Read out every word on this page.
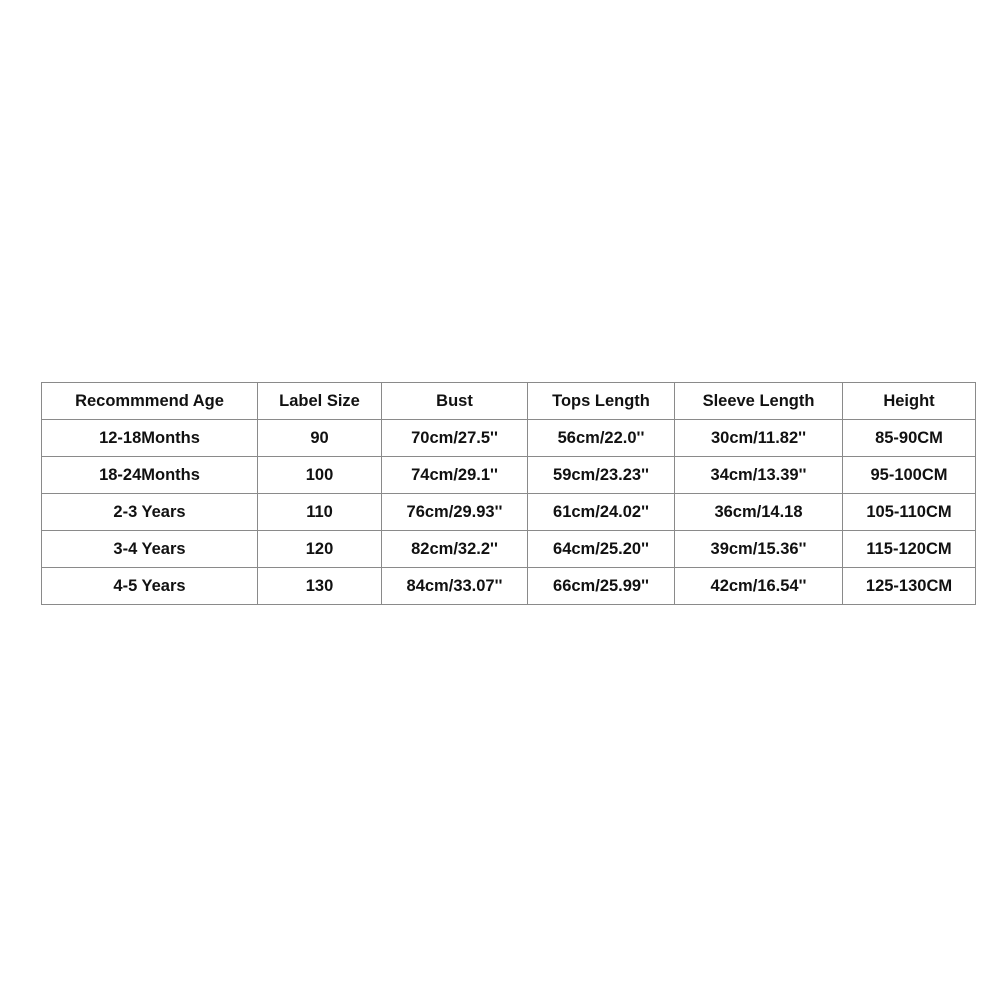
Recommmend Age	Label Size	Bust	Tops Length	Sleeve Length	Height
12-18Months	90	70cm/27.5''	56cm/22.0''	30cm/11.82''	85-90CM
18-24Months	100	74cm/29.1''	59cm/23.23''	34cm/13.39''	95-100CM
2-3 Years	110	76cm/29.93''	61cm/24.02''	36cm/14.18	105-110CM
3-4 Years	120	82cm/32.2''	64cm/25.20''	39cm/15.36''	115-120CM
4-5 Years	130	84cm/33.07''	66cm/25.99''	42cm/16.54''	125-130CM
